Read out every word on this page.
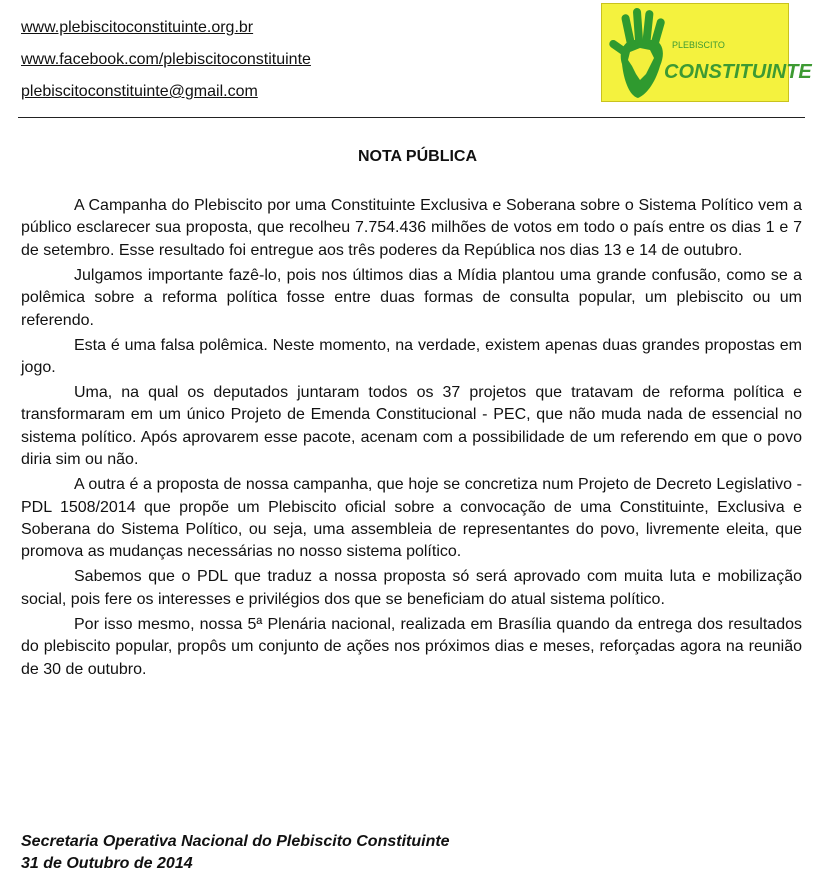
www.plebiscitoconstituinte.org.br
www.facebook.com/plebiscitoconstituinte
plebiscitoconstituinte@gmail.com
PLEBISCITO
CONSTITUINTE
NOTA PÚBLICA

A Campanha do Plebiscito por uma Constituinte Exclusiva e Soberana sobre o Sistema Político vem a público esclarecer sua proposta, que recolheu 7.754.436 milhões de votos em todo o país entre os dias 1 e 7 de setembro. Esse resultado foi entregue aos três poderes da República nos dias 13 e 14 de outubro.

Julgamos importante fazê-lo, pois nos últimos dias a Mídia plantou uma grande confusão, como se a polêmica sobre a reforma política fosse entre duas formas de consulta popular, um plebiscito ou um referendo.

Esta é uma falsa polêmica. Neste momento, na verdade, existem apenas duas grandes propostas em jogo.

Uma, na qual os deputados juntaram todos os 37 projetos que tratavam de reforma política e transformaram em um único Projeto de Emenda Constitucional - PEC, que não muda nada de essencial no sistema político. Após aprovarem esse pacote, acenam com a possibilidade de um referendo em que o povo diria sim ou não.

A outra é a proposta de nossa campanha, que hoje se concretiza num Projeto de Decreto Legislativo - PDL 1508/2014 que propõe um Plebiscito oficial sobre a convocação de uma Constituinte, Exclusiva e Soberana do Sistema Político, ou seja, uma assembleia de representantes do povo, livremente eleita, que promova as mudanças necessárias no nosso sistema político.

Sabemos que o PDL que traduz a nossa proposta só será aprovado com muita luta e mobilização social, pois fere os interesses e privilégios dos que se beneficiam do atual sistema político.

Por isso mesmo, nossa 5ª Plenária nacional, realizada em Brasília quando da entrega dos resultados do plebiscito popular, propôs um conjunto de ações nos próximos dias e meses, reforçadas agora na reunião de 30 de outubro.

Secretaria Operativa Nacional do Plebiscito Constituinte
31 de Outubro de 2014
